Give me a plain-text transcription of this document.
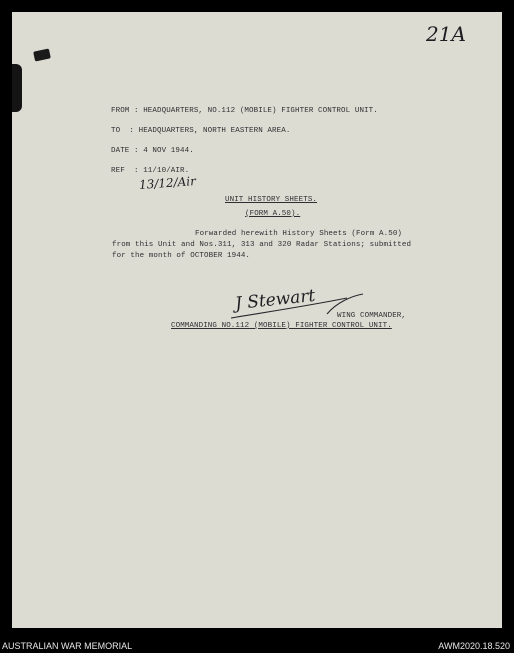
21A
FROM : HEADQUARTERS, NO.112 (MOBILE) FIGHTER CONTROL UNIT.
TO  : HEADQUARTERS, NORTH EASTERN AREA.
DATE : 4 NOV 1944.
REF  : 11/10/AIR.
13/12/Air
UNIT HISTORY SHEETS.
(FORM A.50).
Forwarded herewith History Sheets (Form A.50)
from this Unit and Nos.311, 313 and 320 Radar Stations; submitted
for the month of OCTOBER 1944.
J Stewart
WING COMMANDER,
COMMANDING NO.112 (MOBILE) FIGHTER CONTROL UNIT.
AUSTRALIAN WAR MEMORIAL	AWM2020.18.520
